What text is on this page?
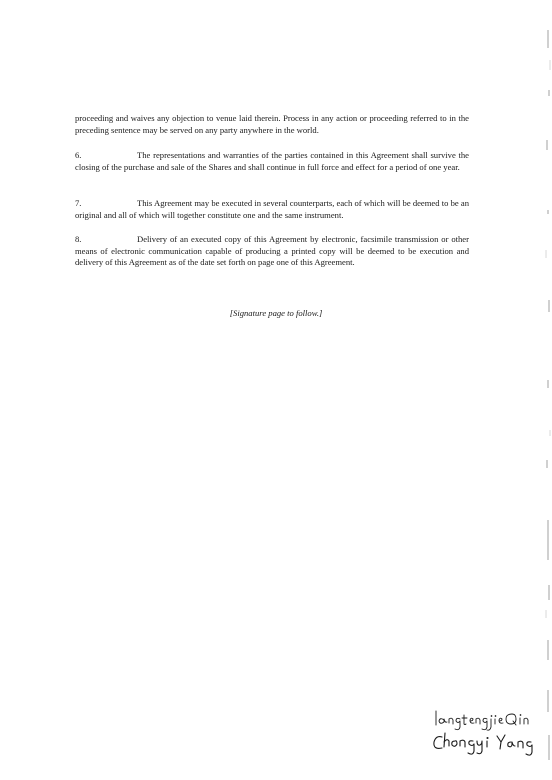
proceeding and waives any objection to venue laid therein. Process in any action or proceeding referred to in the preceding sentence may be served on any party anywhere in the world.

6.	The representations and warranties of the parties contained in this Agreement shall survive the closing of the purchase and sale of the Shares and shall continue in full force and effect for a period of one year.

7.	This Agreement may be executed in several counterparts, each of which will be deemed to be an original and all of which will together constitute one and the same instrument.

8.	Delivery of an executed copy of this Agreement by electronic, facsimile transmission or other means of electronic communication capable of producing a printed copy will be deemed to be execution and delivery of this Agreement as of the date set forth on page one of this Agreement.

[Signature page to follow.]
